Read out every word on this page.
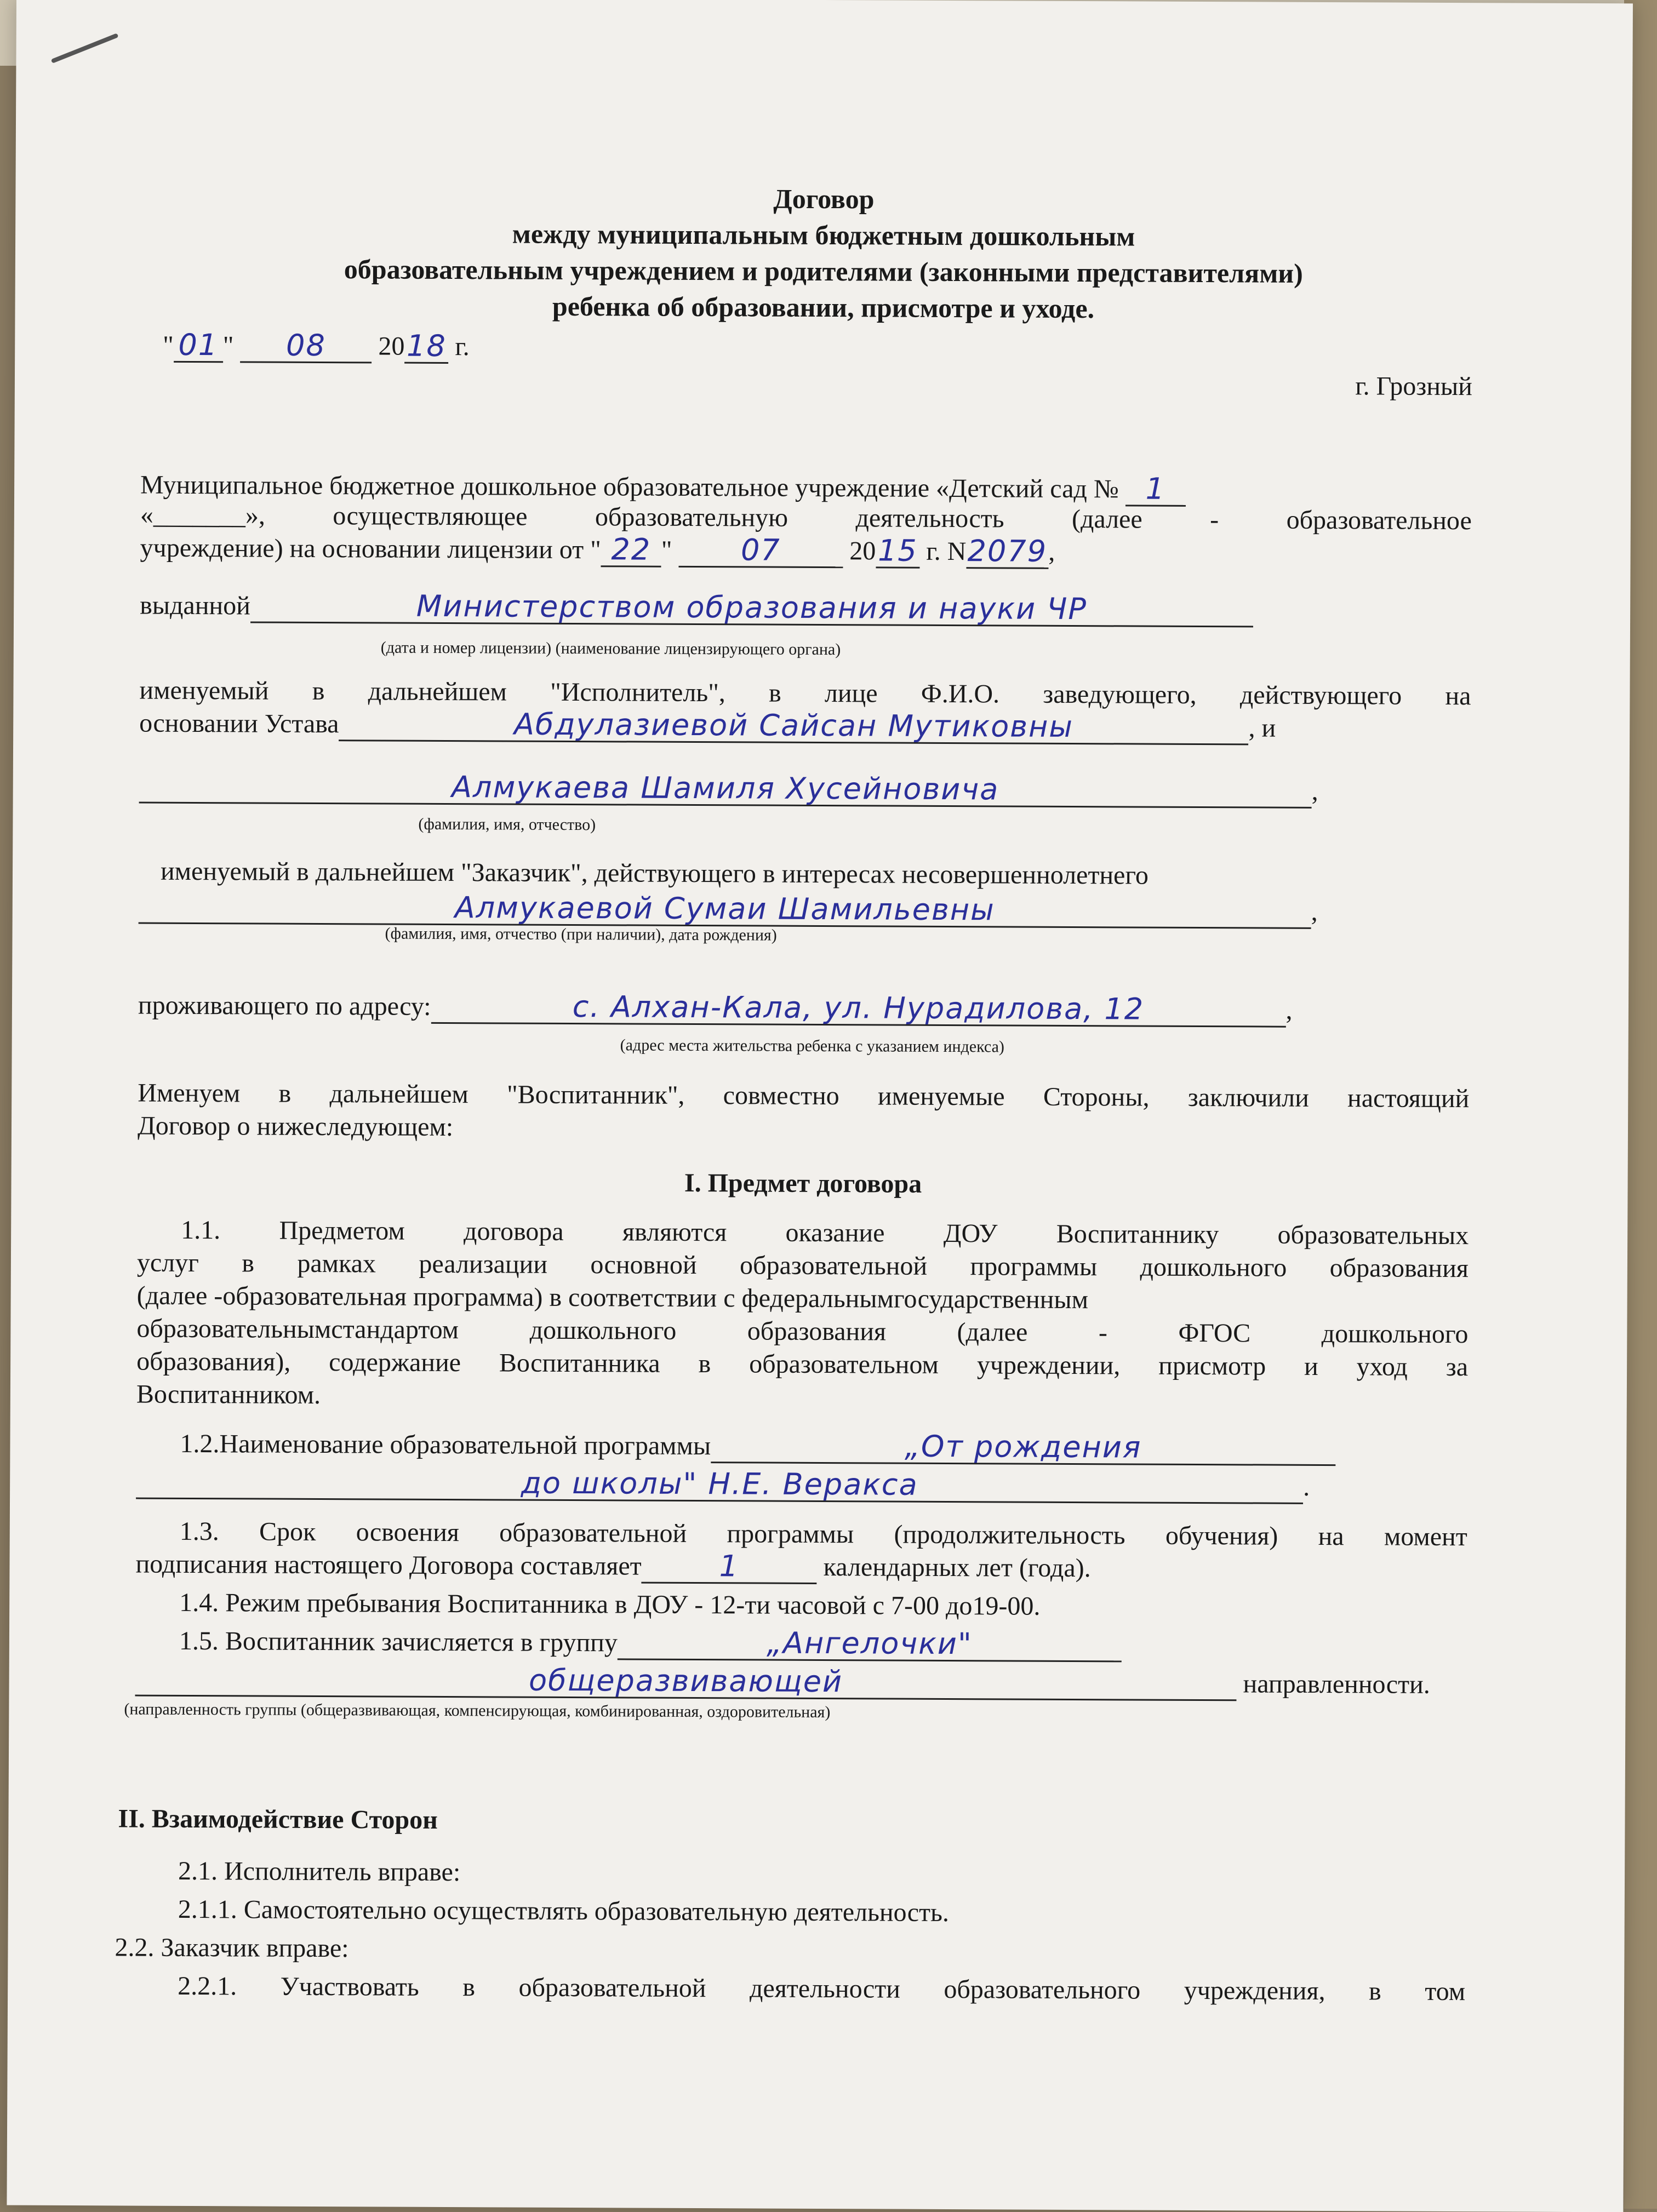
Договор
между муниципальным бюджетным дошкольным
образовательным учреждением и родителями (законными представителями)
ребенка об образовании, присмотре и уходе.
" 01 " 08 2018 г.
г. Грозный
Муниципальное бюджетное дошкольное образовательное учреждение «Детский сад № 1
«_______», осуществляющее образовательную деятельность (далее - образовательное
учреждение) на основании лицензии от " 22 " 07	2015 г. N2079,
выданной	Министерством образования и науки ЧР
(дата и номер лицензии) (наименование лицензирующего органа)
именуемый в дальнейшем "Исполнитель", в лице Ф.И.О. заведующего, действующего на
основании Устава	Абдулазиевой Сайсан Мутиковны	, и
Алмукаева Шамиля Хусейновича	,
(фамилия, имя, отчество)
именуемый в дальнейшем "Заказчик", действующего в интересах несовершеннолетнего
Алмукаевой Сумаи Шамильевны	,
(фамилия, имя, отчество (при наличии), дата рождения)
проживающего по адресу:	с. Алхан-Кала, ул. Нурадилова, 12	,
(адрес места жительства ребенка с указанием индекса)
Именуем в дальнейшем "Воспитанник", совместно именуемые Стороны, заключили настоящий
Договор о нижеследующем:
I. Предмет договора
1.1. Предметом договора являются оказание ДОУ Воспитаннику образовательных
услуг в рамках реализации основной образовательной программы дошкольного образования
(далее -образовательная программа) в соответствии с федеральнымгосударственным
образовательнымстандартом дошкольного образования (далее - ФГОС дошкольного
образования), содержание Воспитанника в образовательном учреждении, присмотр и уход за
Воспитанником.
1.2.Наименование образовательной программы	„От рождения
до школы" Н.Е. Веракса	.
1.3. Срок освоения образовательной программы (продолжительность обучения) на момент
подписания настоящего Договора составляет	1	календарных лет (года).
1.4. Режим пребывания Воспитанника в ДОУ - 12-ти часовой с 7-00 до19-00.
1.5. Воспитанник зачисляется в группу	„Ангелочки"
общеразвивающей	направленности.
(направленность группы (общеразвивающая, компенсирующая, комбинированная, оздоровительная)
II. Взаимодействие Сторон
2.1. Исполнитель вправе:
2.1.1. Самостоятельно осуществлять образовательную деятельность.
2.2. Заказчик вправе:
2.2.1. Участвовать в образовательной деятельности образовательного учреждения, в том
